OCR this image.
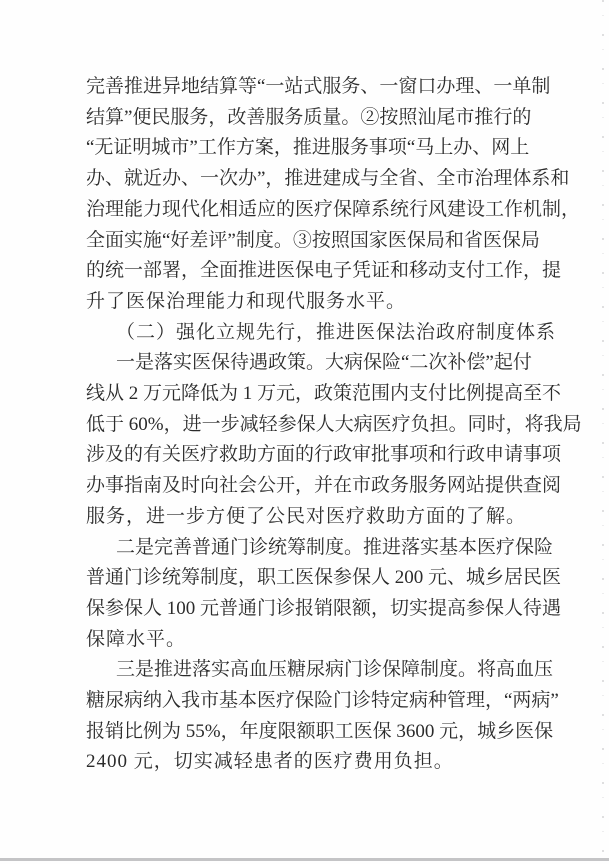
完善推进异地结算等“一站式服务、一窗口办理、一单制
结算”便民服务，改善服务质量。②按照汕尾市推行的
“无证明城市”工作方案，推进服务事项“马上办、网上
办、就近办、一次办”，推进建成与全省、全市治理体系和
治理能力现代化相适应的医疗保障系统行风建设工作机制，
全面实施“好差评”制度。③按照国家医保局和省医保局
的统一部署，全面推进医保电子凭证和移动支付工作，提
升了医保治理能力和现代服务水平。
（二）强化立规先行，推进医保法治政府制度体系
一是落实医保待遇政策。大病保险“二次补偿”起付
线从 2 万元降低为 1 万元，政策范围内支付比例提高至不
低于 60%，进一步减轻参保人大病医疗负担。同时，将我局
涉及的有关医疗救助方面的行政审批事项和行政申请事项
办事指南及时向社会公开，并在市政务服务网站提供查阅
服务，进一步方便了公民对医疗救助方面的了解。
二是完善普通门诊统筹制度。推进落实基本医疗保险
普通门诊统筹制度，职工医保参保人 200 元、城乡居民医
保参保人 100 元普通门诊报销限额，切实提高参保人待遇
保障水平。
三是推进落实高血压糖尿病门诊保障制度。将高血压
糖尿病纳入我市基本医疗保险门诊特定病种管理，“两病”
报销比例为 55%，年度限额职工医保 3600 元，城乡医保
2400 元，切实减轻患者的医疗费用负担。
